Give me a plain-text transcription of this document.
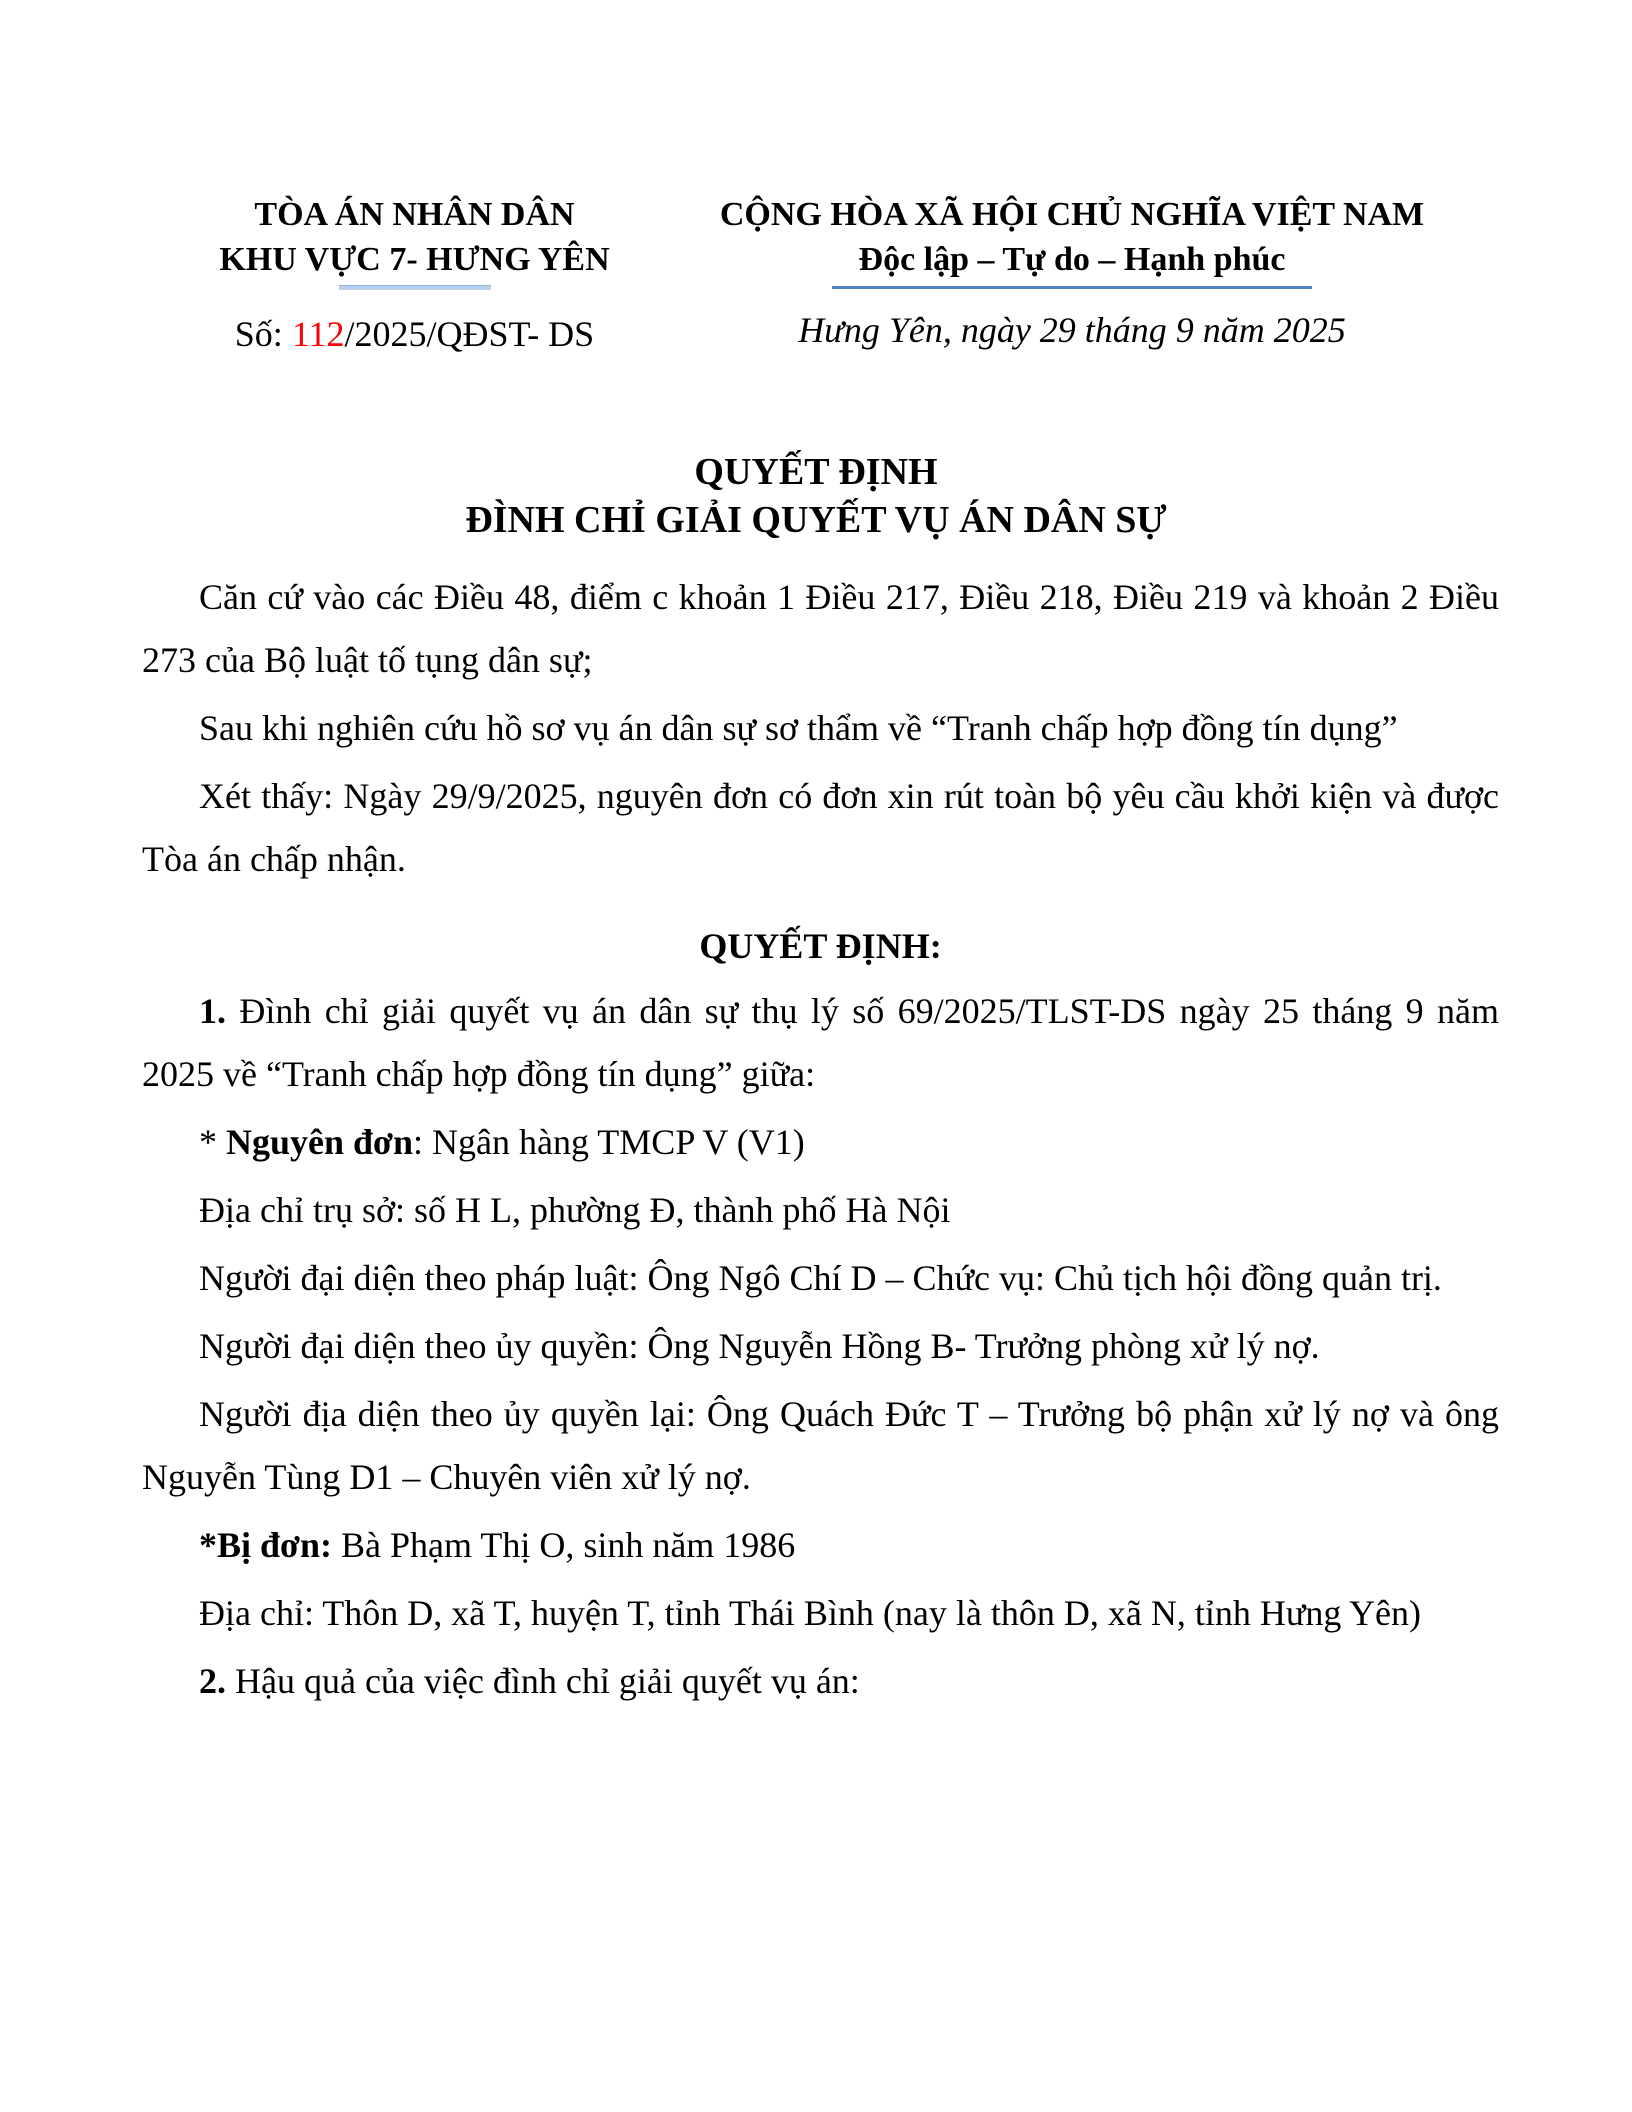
TÒA ÁN NHÂN DÂN
KHU VỰC 7- HƯNG YÊN
Số: 112/2025/QĐST- DS
CỘNG HÒA XÃ HỘI CHỦ NGHĨA VIỆT NAM
Độc lập – Tự do – Hạnh phúc
Hưng Yên, ngày 29 tháng 9 năm 2025
QUYẾT ĐỊNH
ĐÌNH CHỈ GIẢI QUYẾT VỤ ÁN DÂN SỰ

Căn cứ vào các Điều 48, điểm c khoản 1 Điều 217, Điều 218, Điều 219 và khoản 2 Điều 273 của Bộ luật tố tụng dân sự;

Sau khi nghiên cứu hồ sơ vụ án dân sự sơ thẩm về “Tranh chấp hợp đồng tín dụng”

Xét thấy: Ngày 29/9/2025, nguyên đơn có đơn xin rút toàn bộ yêu cầu khởi kiện và được Tòa án chấp nhận.

QUYẾT ĐỊNH:

1. Đình chỉ giải quyết vụ án dân sự thụ lý số 69/2025/TLST-DS ngày 25 tháng 9 năm 2025 về “Tranh chấp hợp đồng tín dụng” giữa:

* Nguyên đơn: Ngân hàng TMCP V (V1)

Địa chỉ trụ sở: số H L, phường Đ, thành phố Hà Nội

Người đại diện theo pháp luật: Ông Ngô Chí D – Chức vụ: Chủ tịch hội đồng quản trị.

Người đại diện theo ủy quyền: Ông Nguyễn Hồng B- Trưởng phòng xử lý nợ.

Người địa diện theo ủy quyền lại: Ông Quách Đức T – Trưởng bộ phận xử lý nợ và ông Nguyễn Tùng D1 – Chuyên viên xử lý nợ.

*Bị đơn: Bà Phạm Thị O, sinh năm 1986

Địa chỉ: Thôn D, xã T, huyện T, tỉnh Thái Bình (nay là thôn D, xã N, tỉnh Hưng Yên)

2. Hậu quả của việc đình chỉ giải quyết vụ án:
